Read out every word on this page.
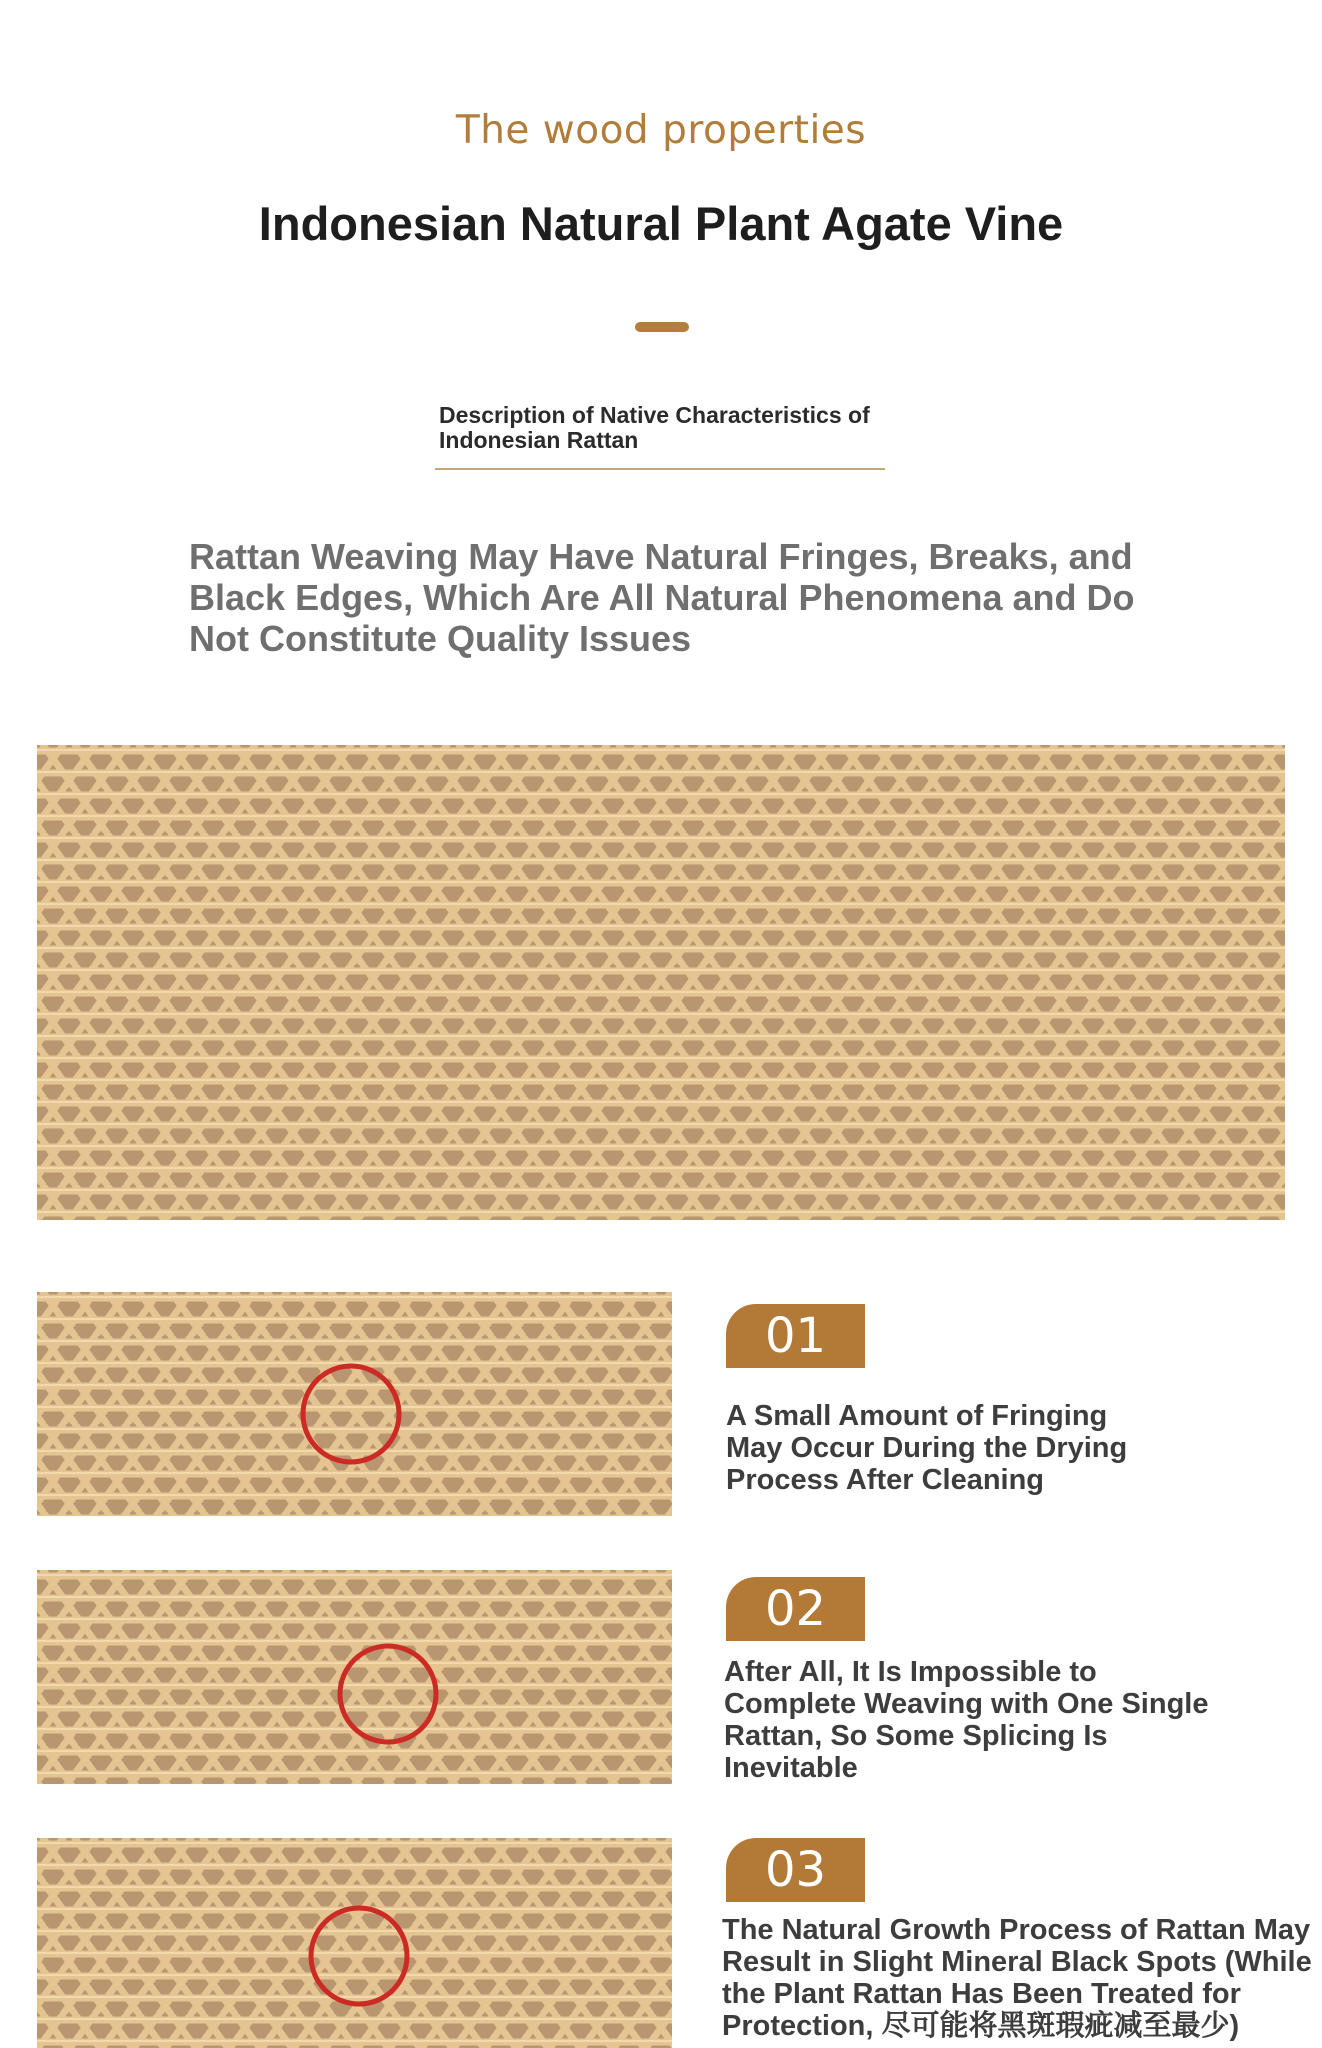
The wood properties
Indonesian Natural Plant Agate Vine
Description of Native Characteristics of
Indonesian Rattan
Rattan Weaving May Have Natural Fringes, Breaks, and Black Edges, Which Are All Natural Phenomena and Do Not Constitute Quality Issues
01
A Small Amount of Fringing May Occur During the Drying Process After Cleaning
02
After All, It Is Impossible to Complete Weaving with One Single Rattan, So Some Splicing Is Inevitable
03
The Natural Growth Process of Rattan May Result in Slight Mineral Black Spots (While the Plant Rattan Has Been Treated for Protection, 尽可能将黑斑瑕疵减至最少)
